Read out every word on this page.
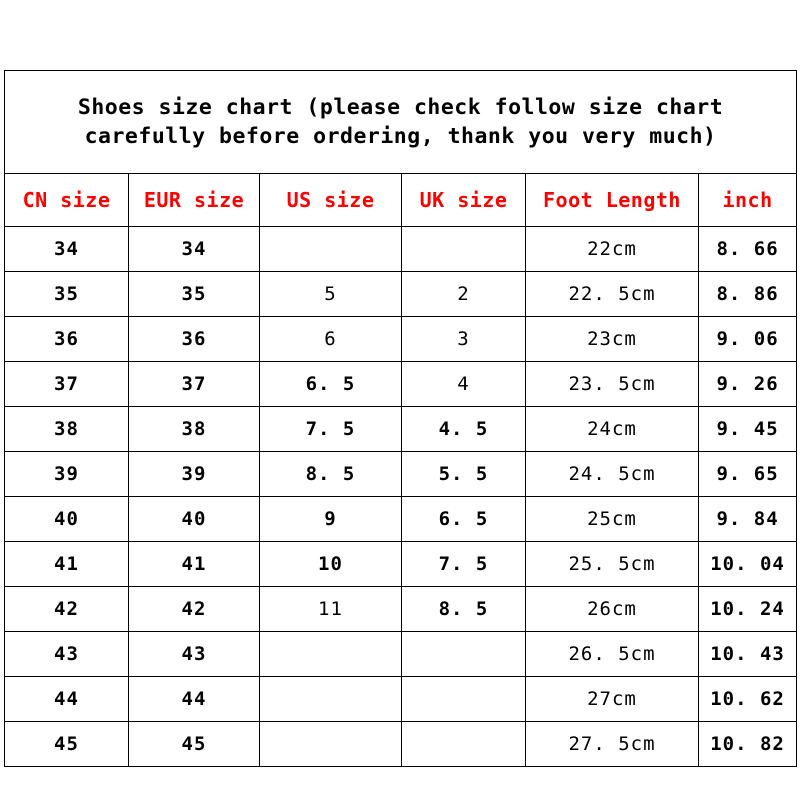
Shoes size chart (please check follow size chart
carefully before ordering, thank you very much)					

CN size	EUR size	US size	UK size	Foot Length	inch
34	34			22cm	8. 66
35	35	5	2	22. 5cm	8. 86
36	36	6	3	23cm	9. 06
37	37	6. 5	4	23. 5cm	9. 26
38	38	7. 5	4. 5	24cm	9. 45
39	39	8. 5	5. 5	24. 5cm	9. 65
40	40	9	6. 5	25cm	9. 84
41	41	10	7. 5	25. 5cm	10. 04
42	42	11	8. 5	26cm	10. 24
43	43			26. 5cm	10. 43
44	44			27cm	10. 62
45	45			27. 5cm	10. 82
